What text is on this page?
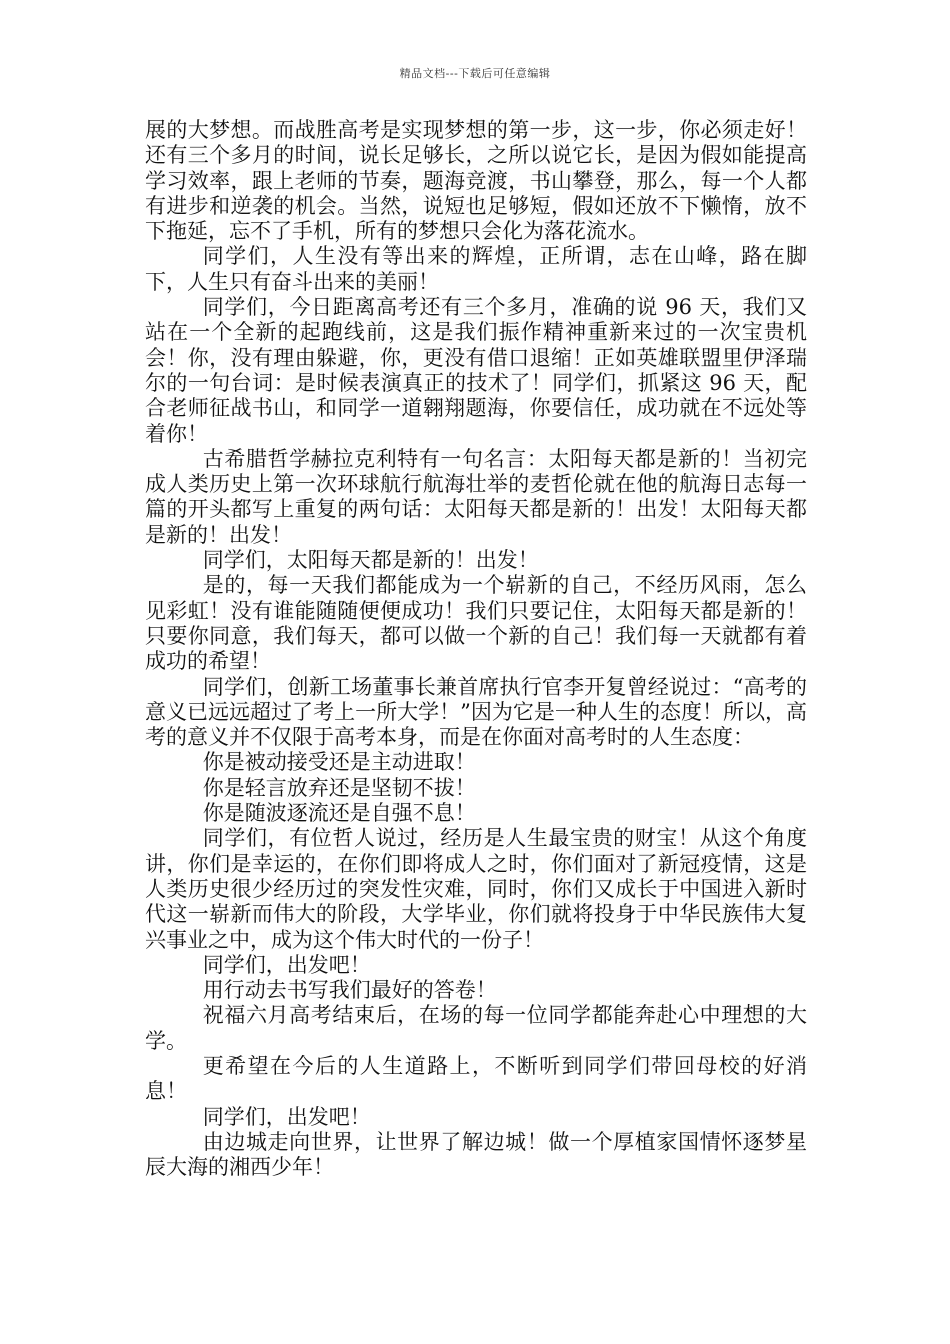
精品文档---下载后可任意编辑

展的大梦想。而战胜高考是实现梦想的第一步，这一步，你必须走好！还有三个多月的时间，说长足够长，之所以说它长，是因为假如能提高学习效率，跟上老师的节奏，题海竞渡，书山攀登，那么，每一个人都有进步和逆袭的机会。当然，说短也足够短，假如还放不下懒惰，放不下拖延，忘不了手机，所有的梦想只会化为落花流水。

同学们，人生没有等出来的辉煌，正所谓，志在山峰，路在脚下，人生只有奋斗出来的美丽！

同学们，今日距离高考还有三个多月，准确的说 96 天，我们又站在一个全新的起跑线前，这是我们振作精神重新来过的一次宝贵机会！你，没有理由躲避，你，更没有借口退缩！正如英雄联盟里伊泽瑞尔的一句台词：是时候表演真正的技术了！同学们，抓紧这 96 天，配合老师征战书山，和同学一道翱翔题海，你要信任，成功就在不远处等着你！

古希腊哲学赫拉克利特有一句名言：太阳每天都是新的！当初完成人类历史上第一次环球航行航海壮举的麦哲伦就在他的航海日志每一篇的开头都写上重复的两句话：太阳每天都是新的！出发！太阳每天都是新的！出发！

同学们，太阳每天都是新的！出发！

是的，每一天我们都能成为一个崭新的自己，不经历风雨，怎么见彩虹！没有谁能随随便便成功！我们只要记住，太阳每天都是新的！只要你同意，我们每天，都可以做一个新的自己！我们每一天就都有着成功的希望！

同学们，创新工场董事长兼首席执行官李开复曾经说过：“高考的意义已远远超过了考上一所大学！”因为它是一种人生的态度！所以，高考的意义并不仅限于高考本身，而是在你面对高考时的人生态度：

你是被动接受还是主动进取！

你是轻言放弃还是坚韧不拔！

你是随波逐流还是自强不息！

同学们，有位哲人说过，经历是人生最宝贵的财宝！从这个角度讲，你们是幸运的，在你们即将成人之时，你们面对了新冠疫情，这是人类历史很少经历过的突发性灾难，同时，你们又成长于中国进入新时代这一崭新而伟大的阶段，大学毕业，你们就将投身于中华民族伟大复兴事业之中，成为这个伟大时代的一份子！

同学们，出发吧！

用行动去书写我们最好的答卷！

祝福六月高考结束后，在场的每一位同学都能奔赴心中理想的大学。

更希望在今后的人生道路上，不断听到同学们带回母校的好消息！

同学们，出发吧！

由边城走向世界，让世界了解边城！做一个厚植家国情怀逐梦星辰大海的湘西少年！
